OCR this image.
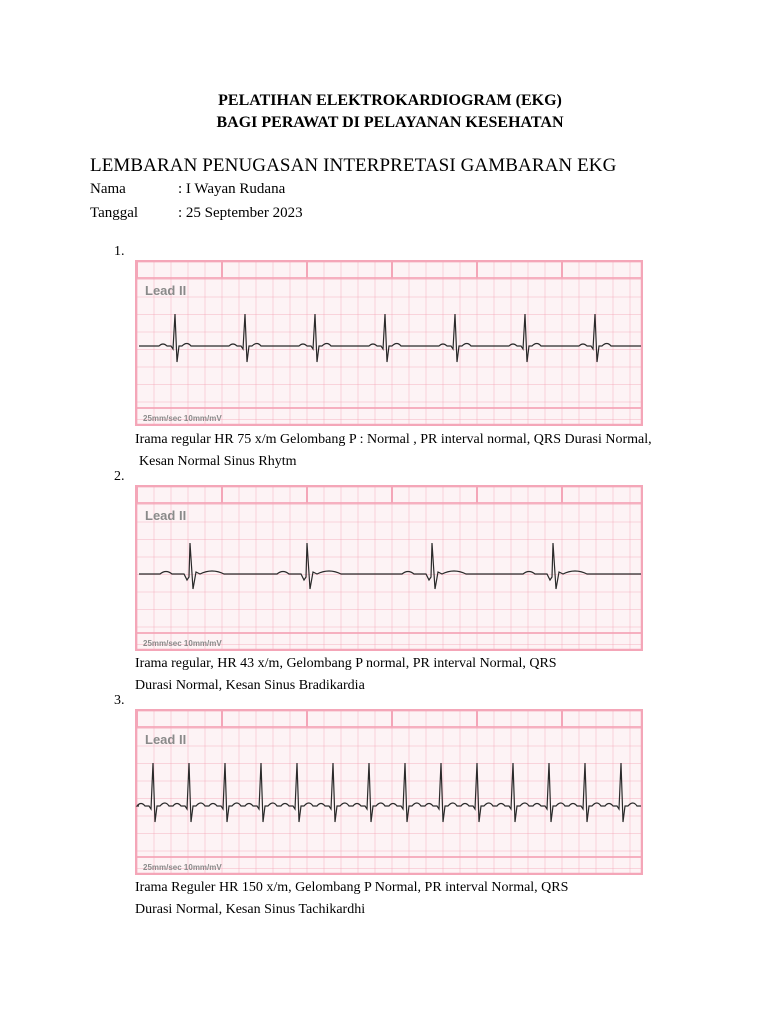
PELATIHAN ELEKTROKARDIOGRAM (EKG)
BAGI PERAWAT DI PELAYANAN KESEHATAN
LEMBARAN PENUGASAN INTERPRETASI GAMBARAN EKG
Nama	: I Wayan Rudana
Tanggal	: 25 September 2023
1.
Lead II
25mm/sec 10mm/mV
Irama regular HR 75 x/m Gelombang P : Normal , PR interval normal, QRS Durasi Normal,
Kesan Normal Sinus Rhytm
2.
Lead II
25mm/sec 10mm/mV
Irama regular, HR 43 x/m, Gelombang P normal, PR interval Normal, QRS
Durasi Normal, Kesan Sinus Bradikardia
3.
Lead II
25mm/sec 10mm/mV
Irama Reguler HR 150 x/m, Gelombang P Normal, PR interval Normal, QRS
Durasi Normal, Kesan Sinus Tachikardhi
